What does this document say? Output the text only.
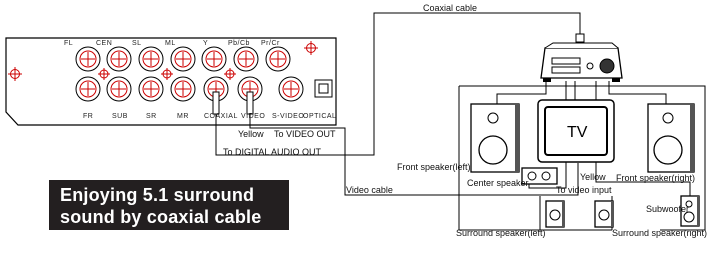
FL	CEN	SL	ML	Y	Pb/Cb Pr/Cr
FR	SUB	SR	MR COAXIAL VIDEO S-VIDEO
OPTICAL
TV
Coaxial cable
Yellow To VIDEO OUT
To DIGITAL AUDIO OUT
Video cable
Yellow
To video input
Front speaker(left)
Front speaker(right)
Center speaker
Subwoofer
Surround speaker(left)	Surround speaker(right)
Enjoying 5.1 surround
sound by coaxial cable
